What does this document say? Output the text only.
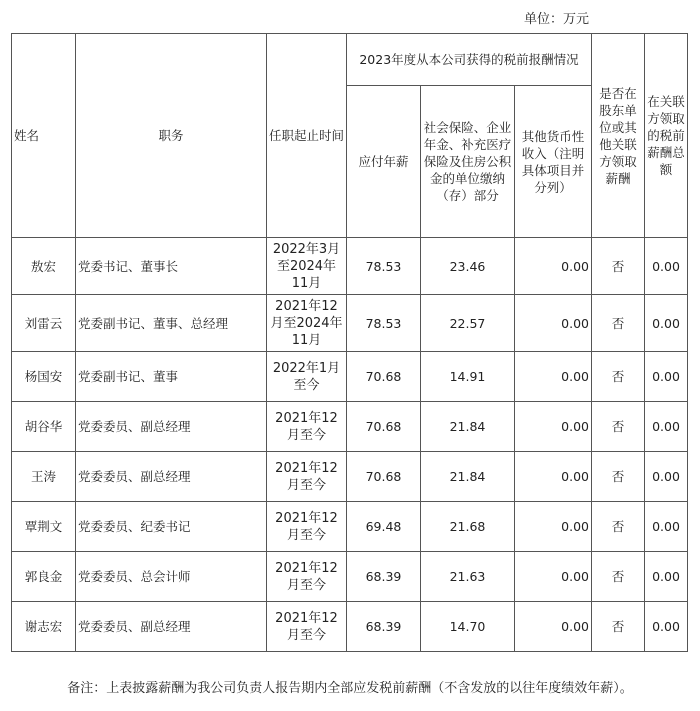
单位：万元
姓名	职务	任职起止时间	2023年度从本公司获得的税前报酬情况			是否在股东单位或其他关联方领取薪酬	在关联方领取的税前薪酬总额
			应付年薪	社会保险、企业年金、补充医疗保险及住房公积金的单位缴纳（存）部分	其他货币性收入（注明具体项目并分列）		
敖宏	党委书记、董事长	2022年3月至2024年11月	78.53	23.46	0.00	否	0.00
刘雷云	党委副书记、董事、总经理	2021年12月至2024年11月	78.53	22.57	0.00	否	0.00
杨国安	党委副书记、董事	2022年1月至今	70.68	14.91	0.00	否	0.00
胡谷华	党委委员、副总经理	2021年12月至今	70.68	21.84	0.00	否	0.00
王涛	党委委员、副总经理	2021年12月至今	70.68	21.84	0.00	否	0.00
覃荆文	党委委员、纪委书记	2021年12月至今	69.48	21.68	0.00	否	0.00
郭良金	党委委员、总会计师	2021年12月至今	68.39	21.63	0.00	否	0.00
谢志宏	党委委员、副总经理	2021年12月至今	68.39	14.70	0.00	否	0.00
备注：上表披露薪酬为我公司负责人报告期内全部应发税前薪酬（不含发放的以往年度绩效年薪）。
